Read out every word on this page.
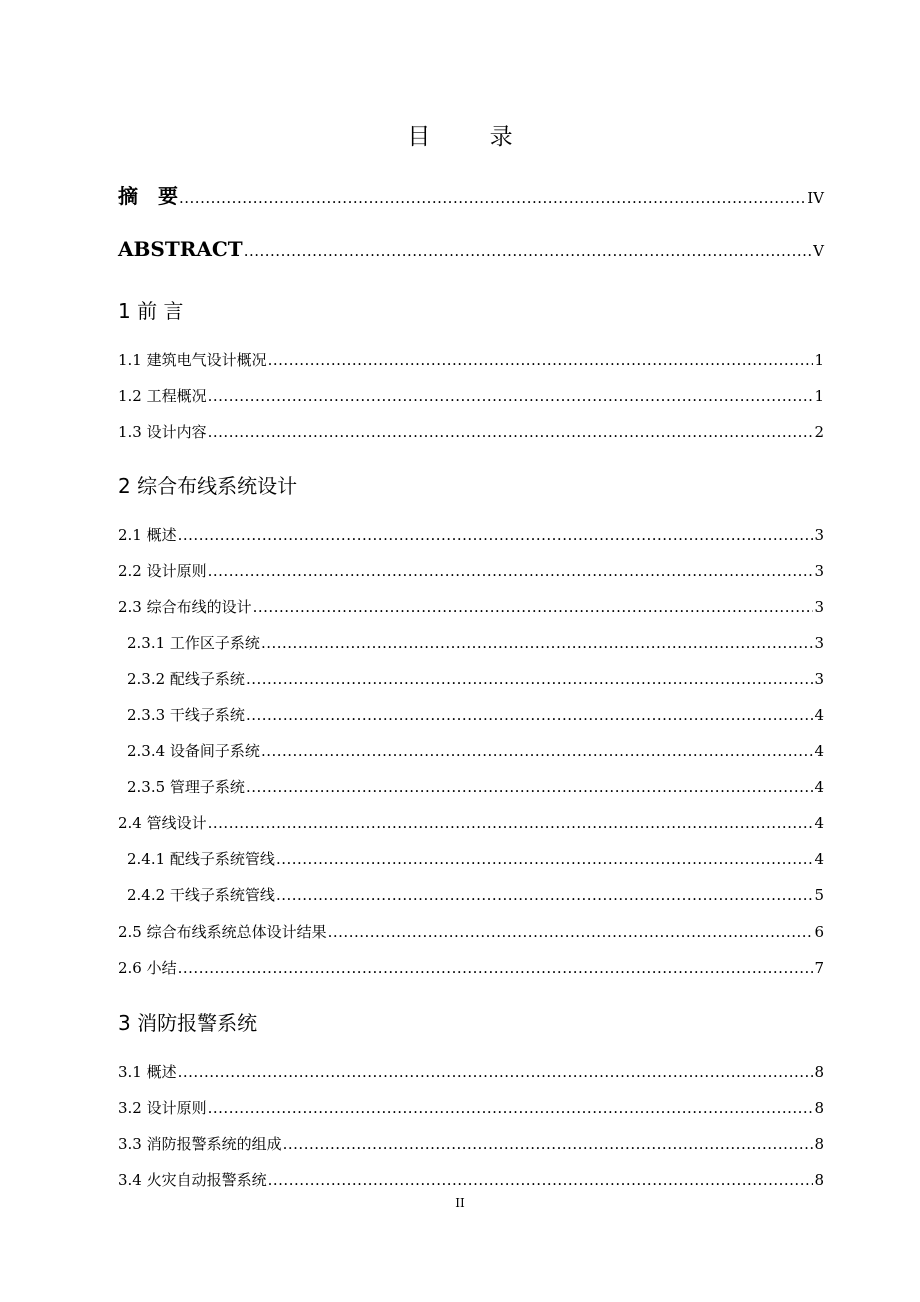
目 录
摘　要 .....	IV
ABSTRACT .....	V
1 前 言
1.1 建筑电气设计概况 .....	1
1.2 工程概况 .....	1
1.3 设计内容 .....	2
2 综合布线系统设计
2.1 概述 .....	3
2.2 设计原则 .....	3
2.3 综合布线的设计 .....	3
2.3.1 工作区子系统 .....	3
2.3.2 配线子系统 .....	3
2.3.3 干线子系统 .....	4
2.3.4 设备间子系统 .....	4
2.3.5 管理子系统 .....	4
2.4 管线设计 .....	4
2.4.1 配线子系统管线 .....	4
2.4.2 干线子系统管线 .....	5
2.5 综合布线系统总体设计结果 .....	6
2.6 小结 .....	7
3 消防报警系统
3.1 概述 .....	8
3.2 设计原则 .....	8
3.3 消防报警系统的组成 .....	8
3.4 火灾自动报警系统 .....	8
II
